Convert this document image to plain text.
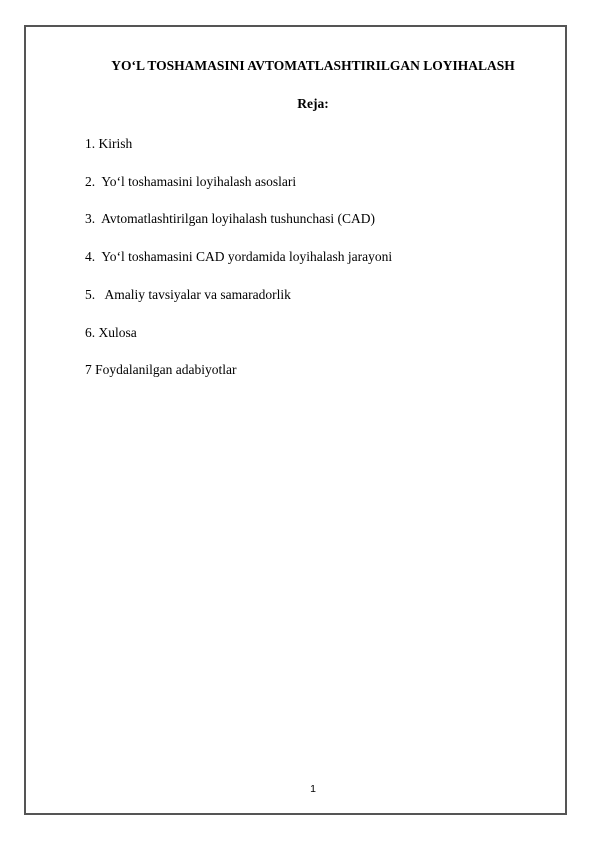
YO‘L TOSHAMASINI AVTOMATLASHTIRILGAN LOYIHALASH
Reja:

1. Kirish

2.  Yo‘l toshamasini loyihalash asoslari

3.  Avtomatlashtirilgan loyihalash tushunchasi (CAD)

4.  Yo‘l toshamasini CAD yordamida loyihalash jarayoni

5.   Amaliy tavsiyalar va samaradorlik

6. Xulosa

7 Foydalanilgan adabiyotlar

1
